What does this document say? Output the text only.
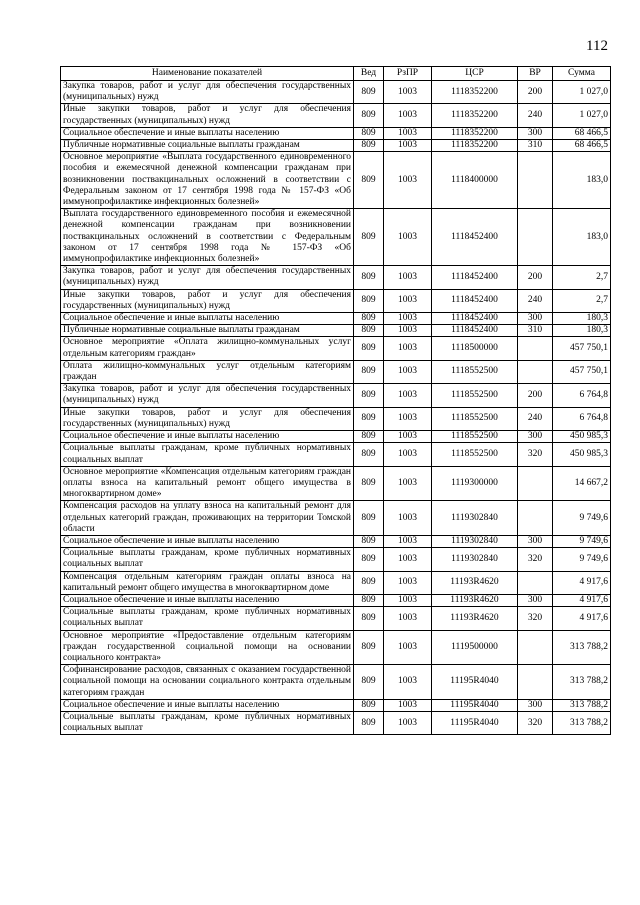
112
Наименование показателей	Вед	РзПР	ЦСР	ВР	Сумма
Закупка товаров, работ и услуг для обеспечения государственных (муниципальных) нужд	809	1003	1118352200	200	1 027,0
Иные закупки товаров, работ и услуг для обеспечения государственных (муниципальных) нужд	809	1003	1118352200	240	1 027,0
Социальное обеспечение и иные выплаты населению	809	1003	1118352200	300	68 466,5
Публичные нормативные социальные выплаты гражданам	809	1003	1118352200	310	68 466,5
Основное мероприятие «Выплата государственного единовременного пособия и ежемесячной денежной компенсации гражданам при возникновении поствакцинальных осложнений в соответствии с Федеральным законом от 17 сентября 1998 года № 157-ФЗ «Об иммунопрофилактике инфекционных болезней»	809	1003	1118400000		183,0
Выплата государственного единовременного пособия и ежемесячной денежной компенсации гражданам при возникновении поствакцинальных осложнений в соответствии с Федеральным законом от 17 сентября 1998 года № 157-ФЗ «Об иммунопрофилактике инфекционных болезней»	809	1003	1118452400		183,0
Закупка товаров, работ и услуг для обеспечения государственных (муниципальных) нужд	809	1003	1118452400	200	2,7
Иные закупки товаров, работ и услуг для обеспечения государственных (муниципальных) нужд	809	1003	1118452400	240	2,7
Социальное обеспечение и иные выплаты населению	809	1003	1118452400	300	180,3
Публичные нормативные социальные выплаты гражданам	809	1003	1118452400	310	180,3
Основное мероприятие «Оплата жилищно-коммунальных услуг отдельным категориям граждан»	809	1003	1118500000		457 750,1
Оплата жилищно-коммунальных услуг отдельным категориям граждан	809	1003	1118552500		457 750,1
Закупка товаров, работ и услуг для обеспечения государственных (муниципальных) нужд	809	1003	1118552500	200	6 764,8
Иные закупки товаров, работ и услуг для обеспечения государственных (муниципальных) нужд	809	1003	1118552500	240	6 764,8
Социальное обеспечение и иные выплаты населению	809	1003	1118552500	300	450 985,3
Социальные выплаты гражданам, кроме публичных нормативных социальных выплат	809	1003	1118552500	320	450 985,3
Основное мероприятие «Компенсация отдельным категориям граждан оплаты взноса на капитальный ремонт общего имущества в многоквартирном доме»	809	1003	1119300000		14 667,2
Компенсация расходов на уплату взноса на капитальный ремонт для отдельных категорий граждан, проживающих на территории Томской области	809	1003	1119302840		9 749,6
Социальное обеспечение и иные выплаты населению	809	1003	1119302840	300	9 749,6
Социальные выплаты гражданам, кроме публичных нормативных социальных выплат	809	1003	1119302840	320	9 749,6
Компенсация отдельным категориям граждан оплаты взноса на капитальный ремонт общего имущества в многоквартирном доме	809	1003	11193R4620		4 917,6
Социальное обеспечение и иные выплаты населению	809	1003	11193R4620	300	4 917,6
Социальные выплаты гражданам, кроме публичных нормативных социальных выплат	809	1003	11193R4620	320	4 917,6
Основное мероприятие «Предоставление отдельным категориям граждан государственной социальной помощи на основании социального контракта»	809	1003	1119500000		313 788,2
Софинансирование расходов, связанных с оказанием государственной социальной помощи на основании социального контракта отдельным категориям граждан	809	1003	11195R4040		313 788,2
Социальное обеспечение и иные выплаты населению	809	1003	11195R4040	300	313 788,2
Социальные выплаты гражданам, кроме публичных нормативных социальных выплат	809	1003	11195R4040	320	313 788,2
